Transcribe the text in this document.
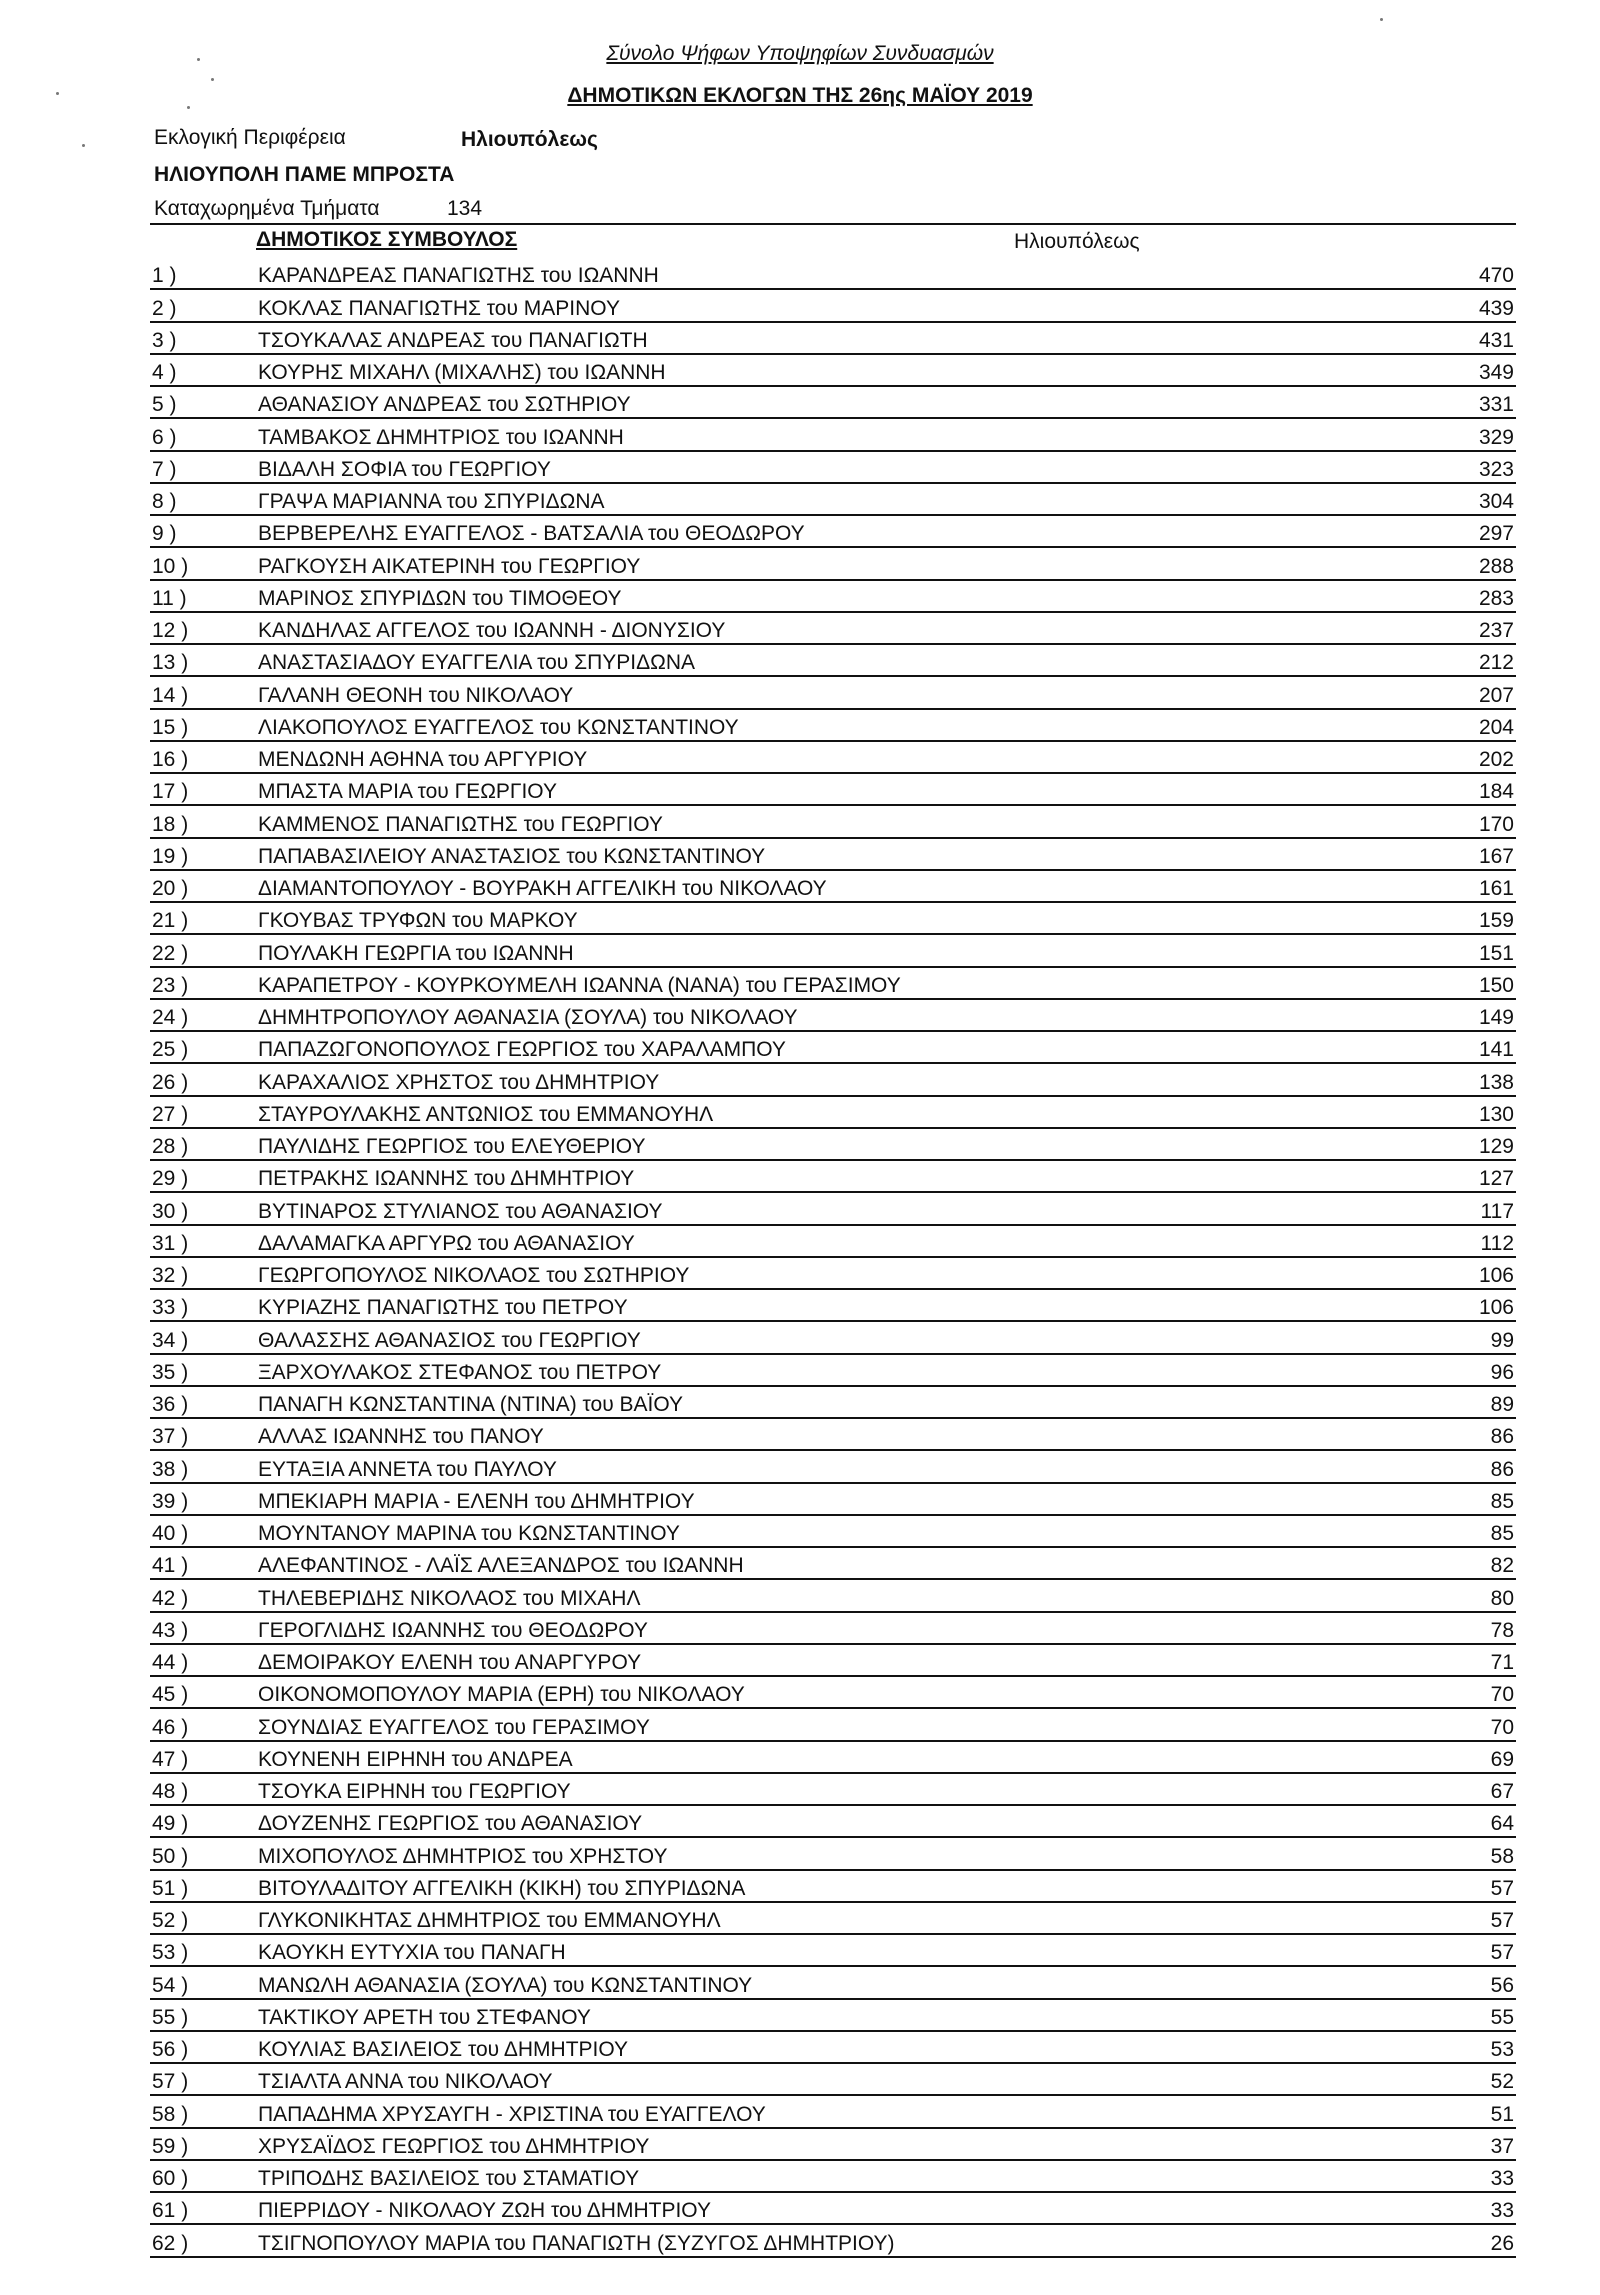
Σύνολο Ψήφων Υποψηφίων Συνδυασμών
ΔΗΜΟΤΙΚΩΝ ΕΚΛΟΓΩΝ ΤΗΣ 26ης ΜΑΪΟΥ 2019
Εκλογική Περιφέρεια	Ηλιουπόλεως
ΗΛΙΟΥΠΟΛΗ ΠΑΜΕ ΜΠΡΟΣΤΑ
Καταχωρημένα Τμήματα	134
ΔΗΜΟΤΙΚΟΣ ΣΥΜΒΟΥΛΟΣ	Ηλιουπόλεως
1 )	ΚΑΡΑΝΔΡΕΑΣ ΠΑΝΑΓΙΩΤΗΣ του ΙΩΑΝΝΗ	470
2 )	ΚΟΚΛΑΣ ΠΑΝΑΓΙΩΤΗΣ του ΜΑΡΙΝΟΥ	439
3 )	ΤΣΟΥΚΑΛΑΣ ΑΝΔΡΕΑΣ του ΠΑΝΑΓΙΩΤΗ	431
4 )	ΚΟΥΡΗΣ ΜΙΧΑΗΛ (ΜΙΧΑΛΗΣ) του ΙΩΑΝΝΗ	349
5 )	ΑΘΑΝΑΣΙΟΥ ΑΝΔΡΕΑΣ του ΣΩΤΗΡΙΟΥ	331
6 )	ΤΑΜΒΑΚΟΣ ΔΗΜΗΤΡΙΟΣ του ΙΩΑΝΝΗ	329
7 )	ΒΙΔΑΛΗ ΣΟΦΙΑ του ΓΕΩΡΓΙΟΥ	323
8 )	ΓΡΑΨΑ ΜΑΡΙΑΝΝΑ του ΣΠΥΡΙΔΩΝΑ	304
9 )	ΒΕΡΒΕΡΕΛΗΣ ΕΥΑΓΓΕΛΟΣ - ΒΑΤΣΑΛΙΑ του ΘΕΟΔΩΡΟΥ	297
10 )	ΡΑΓΚΟΥΣΗ ΑΙΚΑΤΕΡΙΝΗ του ΓΕΩΡΓΙΟΥ	288
11 )	ΜΑΡΙΝΟΣ ΣΠΥΡΙΔΩΝ του ΤΙΜΟΘΕΟΥ	283
12 )	ΚΑΝΔΗΛΑΣ ΑΓΓΕΛΟΣ του ΙΩΑΝΝΗ - ΔΙΟΝΥΣΙΟΥ	237
13 )	ΑΝΑΣΤΑΣΙΑΔΟΥ ΕΥΑΓΓΕΛΙΑ του ΣΠΥΡΙΔΩΝΑ	212
14 )	ΓΑΛΑΝΗ ΘΕΟΝΗ του ΝΙΚΟΛΑΟΥ	207
15 )	ΛΙΑΚΟΠΟΥΛΟΣ ΕΥΑΓΓΕΛΟΣ του ΚΩΝΣΤΑΝΤΙΝΟΥ	204
16 )	ΜΕΝΔΩΝΗ ΑΘΗΝΑ του ΑΡΓΥΡΙΟΥ	202
17 )	ΜΠΑΣΤΑ ΜΑΡΙΑ του ΓΕΩΡΓΙΟΥ	184
18 )	ΚΑΜΜΕΝΟΣ ΠΑΝΑΓΙΩΤΗΣ του ΓΕΩΡΓΙΟΥ	170
19 )	ΠΑΠΑΒΑΣΙΛΕΙΟΥ ΑΝΑΣΤΑΣΙΟΣ του ΚΩΝΣΤΑΝΤΙΝΟΥ	167
20 )	ΔΙΑΜΑΝΤΟΠΟΥΛΟΥ - ΒΟΥΡΑΚΗ ΑΓΓΕΛΙΚΗ του ΝΙΚΟΛΑΟΥ	161
21 )	ΓΚΟΥΒΑΣ ΤΡΥΦΩΝ του ΜΑΡΚΟΥ	159
22 )	ΠΟΥΛΑΚΗ ΓΕΩΡΓΙΑ του ΙΩΑΝΝΗ	151
23 )	ΚΑΡΑΠΕΤΡΟΥ - ΚΟΥΡΚΟΥΜΕΛΗ ΙΩΑΝΝΑ (ΝΑΝΑ) του ΓΕΡΑΣΙΜΟΥ	150
24 )	ΔΗΜΗΤΡΟΠΟΥΛΟΥ ΑΘΑΝΑΣΙΑ (ΣΟΥΛΑ) του ΝΙΚΟΛΑΟΥ	149
25 )	ΠΑΠΑΖΩΓΟΝΟΠΟΥΛΟΣ ΓΕΩΡΓΙΟΣ του ΧΑΡΑΛΑΜΠΟΥ	141
26 )	ΚΑΡΑΧΑΛΙΟΣ ΧΡΗΣΤΟΣ του ΔΗΜΗΤΡΙΟΥ	138
27 )	ΣΤΑΥΡΟΥΛΑΚΗΣ ΑΝΤΩΝΙΟΣ του ΕΜΜΑΝΟΥΗΛ	130
28 )	ΠΑΥΛΙΔΗΣ ΓΕΩΡΓΙΟΣ του ΕΛΕΥΘΕΡΙΟΥ	129
29 )	ΠΕΤΡΑΚΗΣ ΙΩΑΝΝΗΣ του ΔΗΜΗΤΡΙΟΥ	127
30 )	ΒΥΤΙΝΑΡΟΣ ΣΤΥΛΙΑΝΟΣ του ΑΘΑΝΑΣΙΟΥ	117
31 )	ΔΑΛΑΜΑΓΚΑ ΑΡΓΥΡΩ του ΑΘΑΝΑΣΙΟΥ	112
32 )	ΓΕΩΡΓΟΠΟΥΛΟΣ ΝΙΚΟΛΑΟΣ του ΣΩΤΗΡΙΟΥ	106
33 )	ΚΥΡΙΑΖΗΣ ΠΑΝΑΓΙΩΤΗΣ του ΠΕΤΡΟΥ	106
34 )	ΘΑΛΑΣΣΗΣ ΑΘΑΝΑΣΙΟΣ του ΓΕΩΡΓΙΟΥ	99
35 )	ΞΑΡΧΟΥΛΑΚΟΣ ΣΤΕΦΑΝΟΣ του ΠΕΤΡΟΥ	96
36 )	ΠΑΝΑΓΗ ΚΩΝΣΤΑΝΤΙΝΑ (ΝΤΙΝΑ) του ΒΑΪΟΥ	89
37 )	ΑΛΛΑΣ ΙΩΑΝΝΗΣ του ΠΑΝΟΥ	86
38 )	ΕΥΤΑΞΙΑ ΑΝΝΕΤΑ του ΠΑΥΛΟΥ	86
39 )	ΜΠΕΚΙΑΡΗ ΜΑΡΙΑ - ΕΛΕΝΗ του ΔΗΜΗΤΡΙΟΥ	85
40 )	ΜΟΥΝΤΑΝΟΥ ΜΑΡΙΝΑ του ΚΩΝΣΤΑΝΤΙΝΟΥ	85
41 )	ΑΛΕΦΑΝΤΙΝΟΣ - ΛΑΪΣ ΑΛΕΞΑΝΔΡΟΣ του ΙΩΑΝΝΗ	82
42 )	ΤΗΛΕΒΕΡΙΔΗΣ ΝΙΚΟΛΑΟΣ του ΜΙΧΑΗΛ	80
43 )	ΓΕΡΟΓΛΙΔΗΣ ΙΩΑΝΝΗΣ του ΘΕΟΔΩΡΟΥ	78
44 )	ΔΕΜΟΙΡΑΚΟΥ ΕΛΕΝΗ του ΑΝΑΡΓΥΡΟΥ	71
45 )	ΟΙΚΟΝΟΜΟΠΟΥΛΟΥ ΜΑΡΙΑ (ΕΡΗ) του ΝΙΚΟΛΑΟΥ	70
46 )	ΣΟΥΝΔΙΑΣ ΕΥΑΓΓΕΛΟΣ του ΓΕΡΑΣΙΜΟΥ	70
47 )	ΚΟΥΝΕΝΗ ΕΙΡΗΝΗ του ΑΝΔΡΕΑ	69
48 )	ΤΣΟΥΚΑ ΕΙΡΗΝΗ του ΓΕΩΡΓΙΟΥ	67
49 )	ΔΟΥΖΕΝΗΣ ΓΕΩΡΓΙΟΣ του ΑΘΑΝΑΣΙΟΥ	64
50 )	ΜΙΧΟΠΟΥΛΟΣ ΔΗΜΗΤΡΙΟΣ του ΧΡΗΣΤΟΥ	58
51 )	ΒΙΤΟΥΛΑΔΙΤΟΥ ΑΓΓΕΛΙΚΗ (ΚΙΚΗ) του ΣΠΥΡΙΔΩΝΑ	57
52 )	ΓΛΥΚΟΝΙΚΗΤΑΣ ΔΗΜΗΤΡΙΟΣ του ΕΜΜΑΝΟΥΗΛ	57
53 )	ΚΑΟΥΚΗ ΕΥΤΥΧΙΑ του ΠΑΝΑΓΗ	57
54 )	ΜΑΝΩΛΗ ΑΘΑΝΑΣΙΑ (ΣΟΥΛΑ) του ΚΩΝΣΤΑΝΤΙΝΟΥ	56
55 )	ΤΑΚΤΙΚΟΥ ΑΡΕΤΗ του ΣΤΕΦΑΝΟΥ	55
56 )	ΚΟΥΛΙΑΣ ΒΑΣΙΛΕΙΟΣ του ΔΗΜΗΤΡΙΟΥ	53
57 )	ΤΣΙΑΛΤΑ ΑΝΝΑ του ΝΙΚΟΛΑΟΥ	52
58 )	ΠΑΠΑΔΗΜΑ ΧΡΥΣΑΥΓΗ - ΧΡΙΣΤΙΝΑ του ΕΥΑΓΓΕΛΟΥ	51
59 )	ΧΡΥΣΑΪΔΟΣ ΓΕΩΡΓΙΟΣ του ΔΗΜΗΤΡΙΟΥ	37
60 )	ΤΡΙΠΟΔΗΣ ΒΑΣΙΛΕΙΟΣ του ΣΤΑΜΑΤΙΟΥ	33
61 )	ΠΙΕΡΡΙΔΟΥ - ΝΙΚΟΛΑΟΥ ΖΩΗ του ΔΗΜΗΤΡΙΟΥ	33
62 )	ΤΣΙΓΝΟΠΟΥΛΟΥ ΜΑΡΙΑ του ΠΑΝΑΓΙΩΤΗ (ΣΥΖΥΓΟΣ ΔΗΜΗΤΡΙΟΥ)	26
